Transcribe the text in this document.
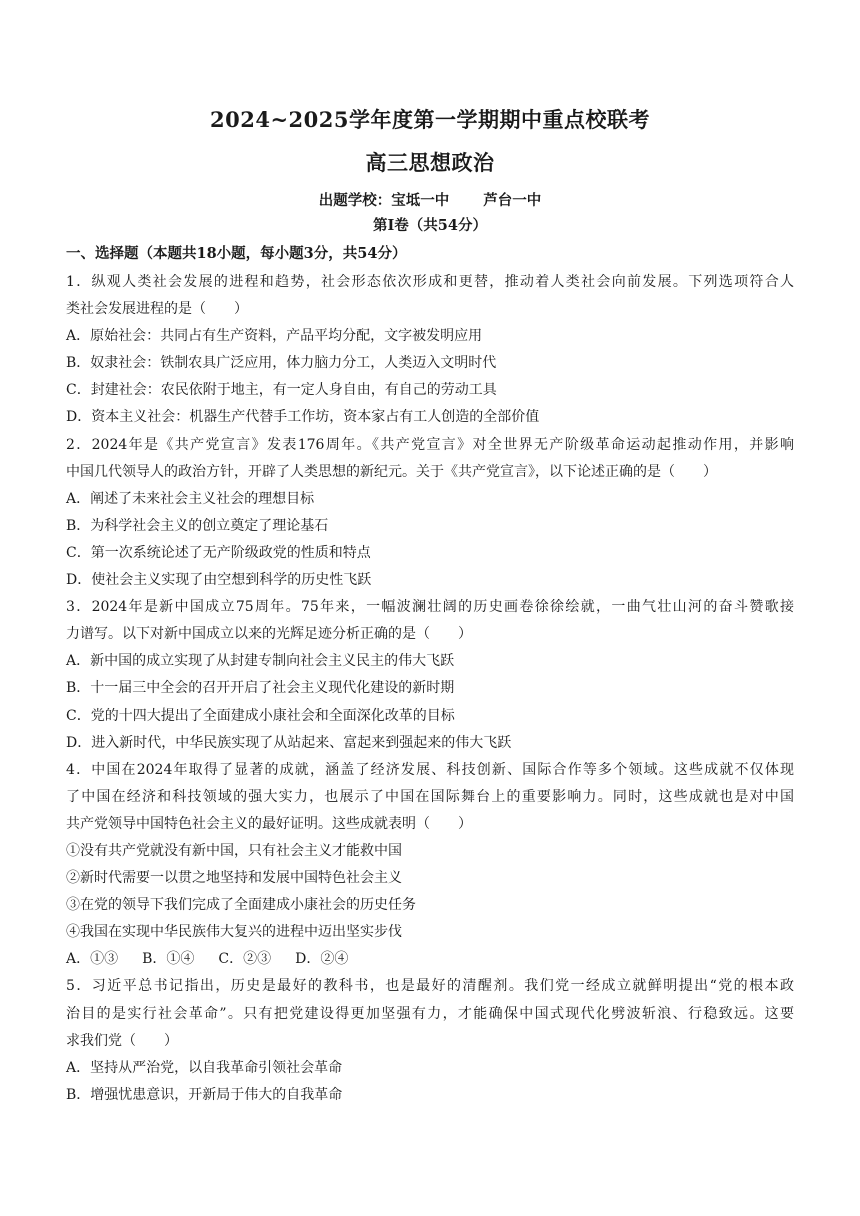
2024~2025学年度第一学期期中重点校联考
高三思想政治
出题学校：宝坻一中 芦台一中
第Ⅰ卷（共54分）
一、选择题（本题共18小题，每小题3分，共54分）
1．纵观人类社会发展的进程和趋势，社会形态依次形成和更替，推动着人类社会向前发展。下列选项符合人
类社会发展进程的是（　　）
A．原始社会：共同占有生产资料，产品平均分配，文字被发明应用
B．奴隶社会：铁制农具广泛应用，体力脑力分工，人类迈入文明时代
C．封建社会：农民依附于地主，有一定人身自由，有自己的劳动工具
D．资本主义社会：机器生产代替手工作坊，资本家占有工人创造的全部价值
2．2024年是《共产党宣言》发表176周年。《共产党宣言》对全世界无产阶级革命运动起推动作用，并影响
中国几代领导人的政治方针，开辟了人类思想的新纪元。关于《共产党宣言》，以下论述正确的是（　　）
A．阐述了未来社会主义社会的理想目标
B．为科学社会主义的创立奠定了理论基石
C．第一次系统论述了无产阶级政党的性质和特点
D．使社会主义实现了由空想到科学的历史性飞跃
3．2024年是新中国成立75周年。75年来，一幅波澜壮阔的历史画卷徐徐绘就，一曲气壮山河的奋斗赞歌接
力谱写。以下对新中国成立以来的光辉足迹分析正确的是（　　）
A．新中国的成立实现了从封建专制向社会主义民主的伟大飞跃
B．十一届三中全会的召开开启了社会主义现代化建设的新时期
C．党的十四大提出了全面建成小康社会和全面深化改革的目标
D．进入新时代，中华民族实现了从站起来、富起来到强起来的伟大飞跃
4．中国在2024年取得了显著的成就，涵盖了经济发展、科技创新、国际合作等多个领域。这些成就不仅体现
了中国在经济和科技领域的强大实力，也展示了中国在国际舞台上的重要影响力。同时，这些成就也是对中国
共产党领导中国特色社会主义的最好证明。这些成就表明（　　）
①没有共产党就没有新中国，只有社会主义才能救中国
②新时代需要一以贯之地坚持和发展中国特色社会主义
③在党的领导下我们完成了全面建成小康社会的历史任务
④我国在实现中华民族伟大复兴的进程中迈出坚实步伐
A．①③ B．①④ C．②③ D．②④
5．习近平总书记指出，历史是最好的教科书，也是最好的清醒剂。我们党一经成立就鲜明提出“党的根本政
治目的是实行社会革命”。只有把党建设得更加坚强有力，才能确保中国式现代化劈波斩浪、行稳致远。这要
求我们党（　　）
A．坚持从严治党，以自我革命引领社会革命
B．增强忧患意识，开新局于伟大的自我革命
